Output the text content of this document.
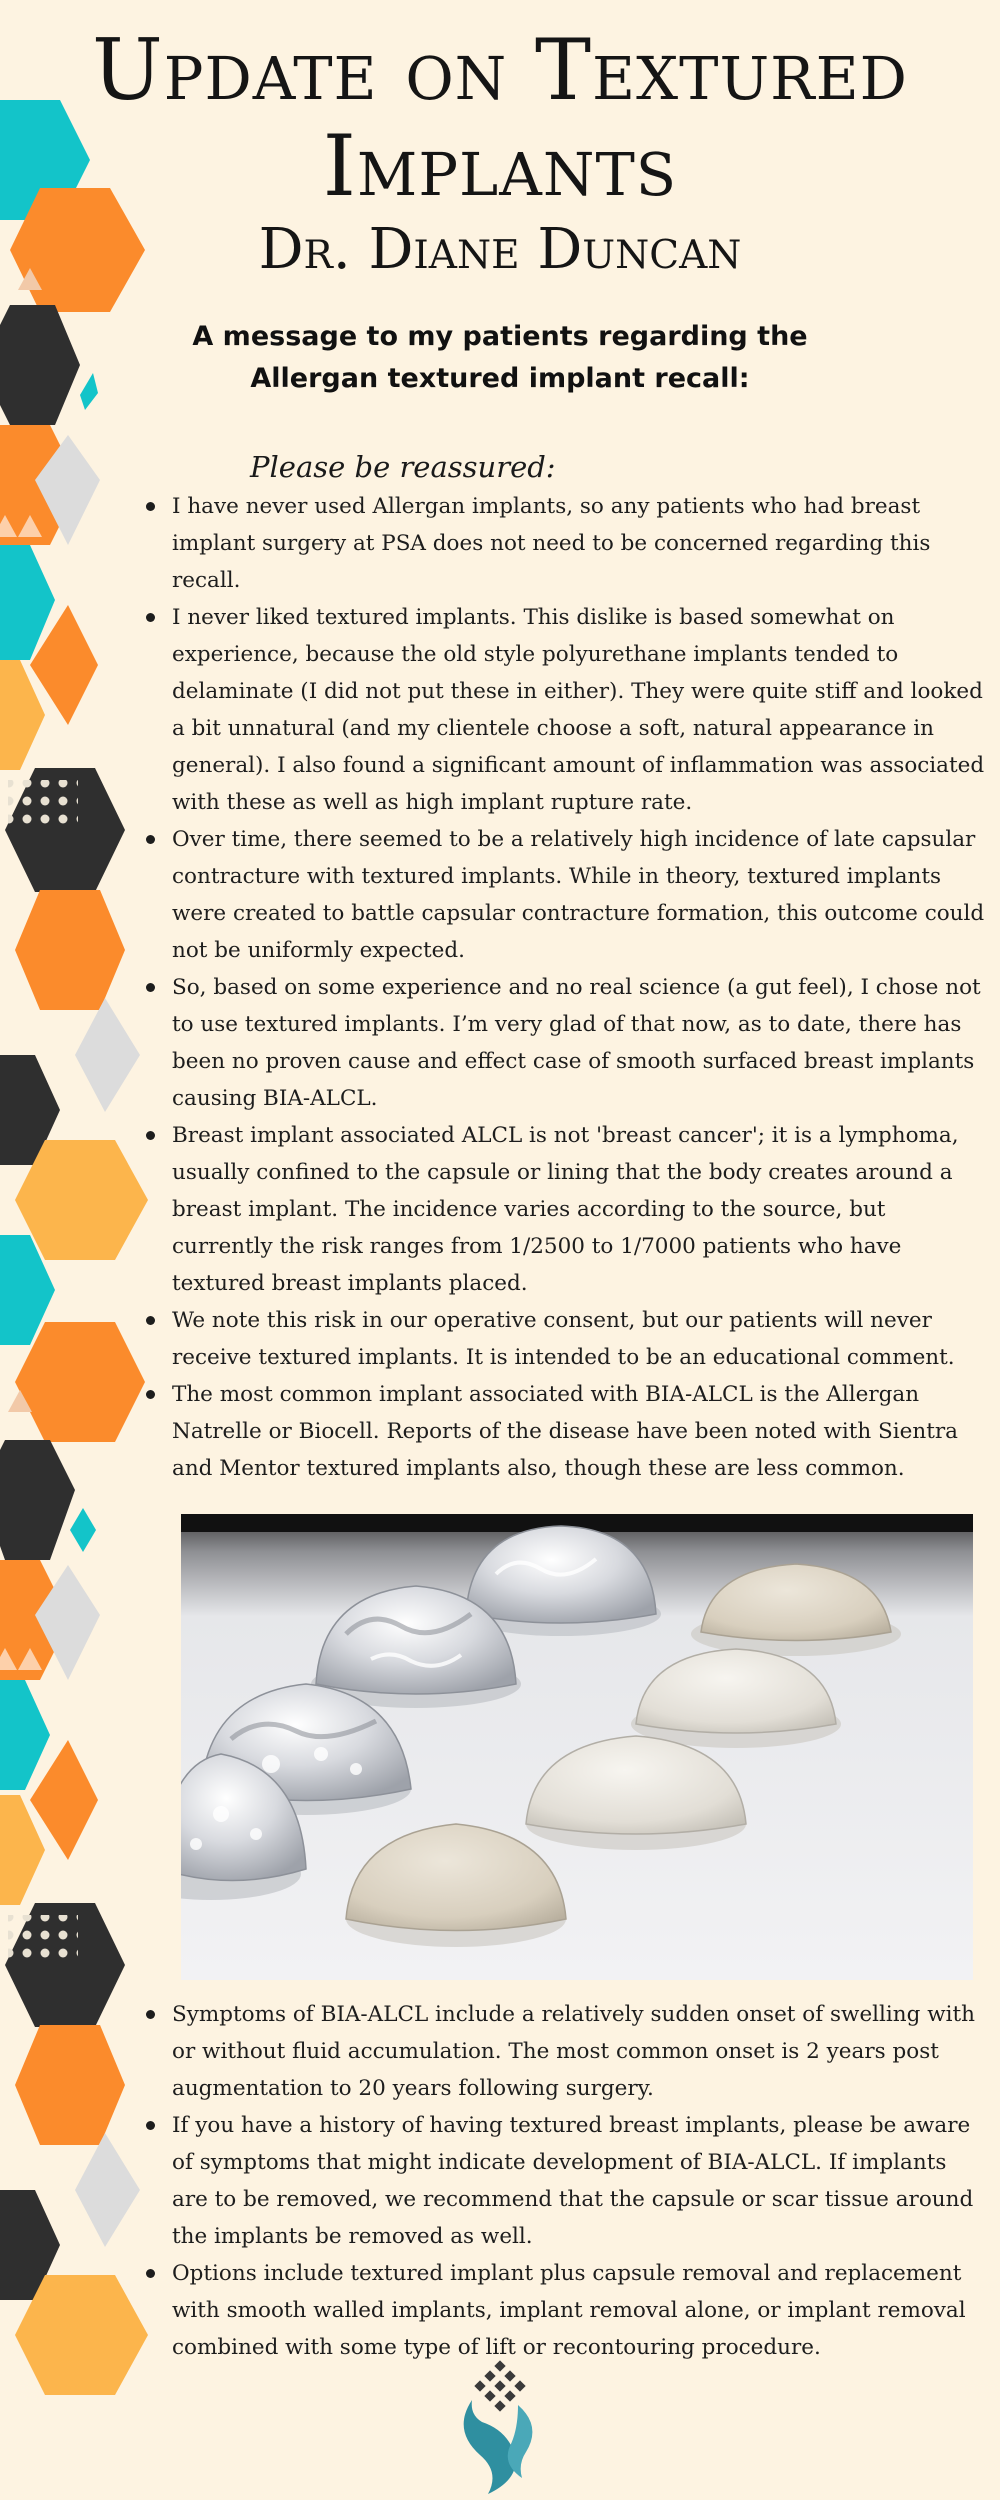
Update on Textured
Implants
Dr. Diane Duncan

A message to my patients regarding the
Allergan textured implant recall:

Please be reassured:

I have never used Allergan implants, so any patients who had breast implant surgery at PSA does not need to be concerned regarding this recall.
I never liked textured implants. This dislike is based somewhat on experience, because the old style polyurethane implants tended to delaminate (I did not put these in either). They were quite stiff and looked a bit unnatural (and my clientele choose a soft, natural appearance in general). I also found a significant amount of inflammation was associated with these as well as high implant rupture rate.
Over time, there seemed to be a relatively high incidence of late capsular contracture with textured implants. While in theory, textured implants were created to battle capsular contracture formation, this outcome could not be uniformly expected.
So, based on some experience and no real science (a gut feel), I chose not to use textured implants. I’m very glad of that now, as to date, there has been no proven cause and effect case of smooth surfaced breast implants causing BIA-ALCL.
Breast implant associated ALCL is not 'breast cancer'; it is a lymphoma, usually confined to the capsule or lining that the body creates around a breast implant. The incidence varies according to the source, but currently the risk ranges from 1/2500 to 1/7000 patients who have textured breast implants placed.
We note this risk in our operative consent, but our patients will never receive textured implants. It is intended to be an educational comment.
The most common implant associated with BIA-ALCL is the Allergan Natrelle or Biocell. Reports of the disease have been noted with Sientra and Mentor textured implants also, though these are less common.
Symptoms of BIA-ALCL include a relatively sudden onset of swelling with or without fluid accumulation. The most common onset is 2 years post augmentation to 20 years following surgery.
If you have a history of having textured breast implants, please be aware of symptoms that might indicate development of BIA-ALCL. If implants are to be removed, we recommend that the capsule or scar tissue around the implants be removed as well.
Options include textured implant plus capsule removal and replacement with smooth walled implants, implant removal alone, or implant removal combined with some type of lift or recontouring procedure.
